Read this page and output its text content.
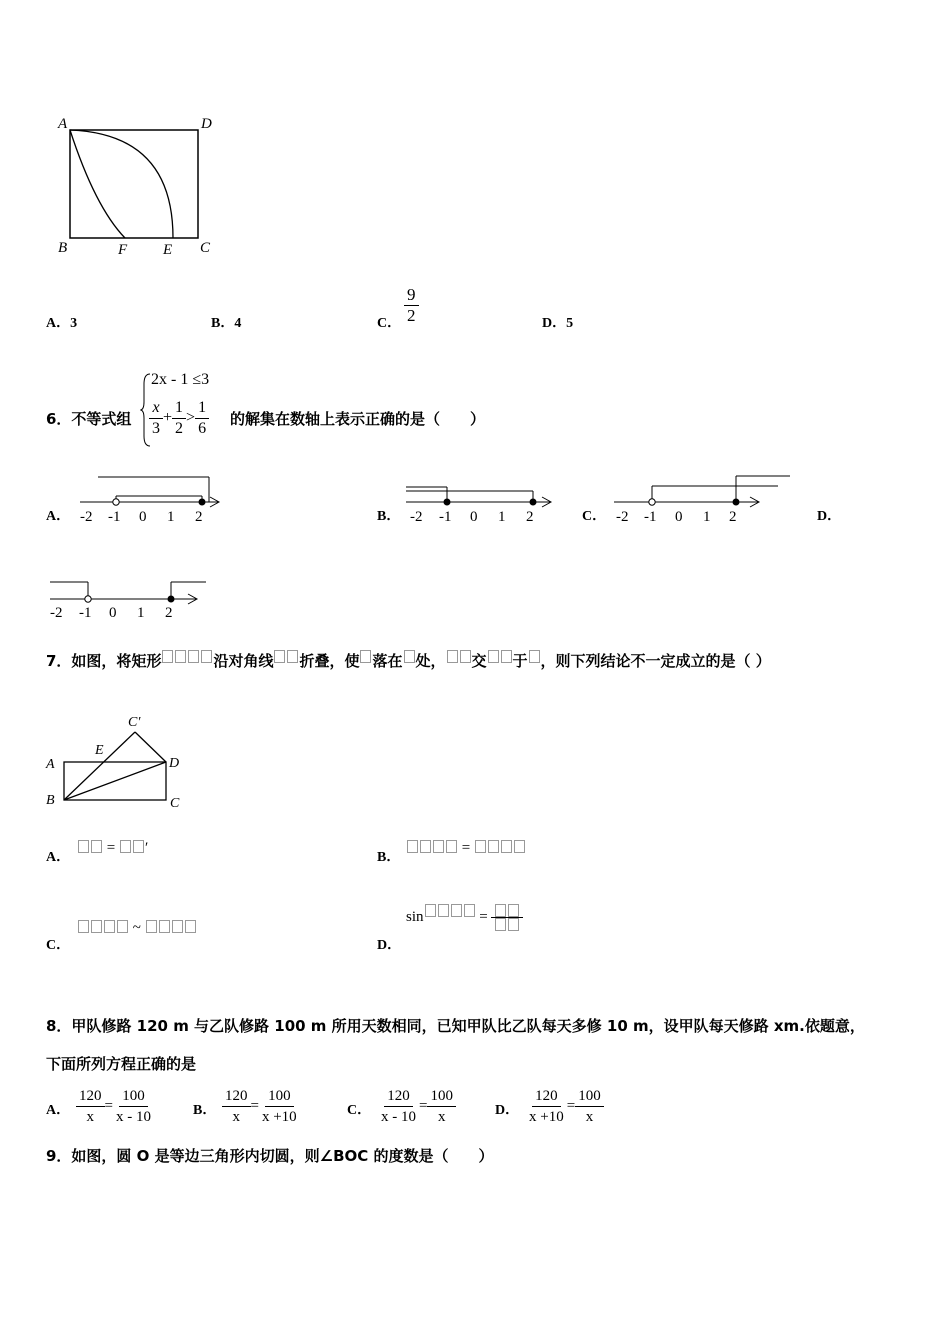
A	D
B	F E C
A．3	B．4	C． $\frac{9}{2}$	D．5
6．不等式组
2x - 1 ≤3
$\frac{x}{3} + \frac{1}{2} > \frac{1}{6}$ 的解集在数轴上表示正确的是（　　）
A． -2 -1 0 1 2	B． -2 -1 0 1 2	C． -2 -1 0 1 2	D．
-2 -1 0 1 2
7．如图，将矩形	沿对角线 折叠，使 落在 处， 交 于 ，则下列结论不一定成立的是（ ）
A
B	C
D
C′
E
A．
= ′
B．
=
C．
~
D．
sin	=
8．甲队修路 120 m 与乙队修路 100 m 所用天数相同，已知甲队比乙队每天多修 10 m，设甲队每天修路 xm.依题意，
下面所列方程正确的是
A． $\frac{120}{x} = \frac{100}{x - 10}$	B． $\frac{120}{x} = \frac{100}{x +10}$	C． $\frac{120}{x - 10} = \frac{100}{x}$	D． $\frac{120}{x +10} = \frac{100}{x}$
9．如图，圆 O 是等边三角形内切圆，则∠BOC 的度数是（　　）
